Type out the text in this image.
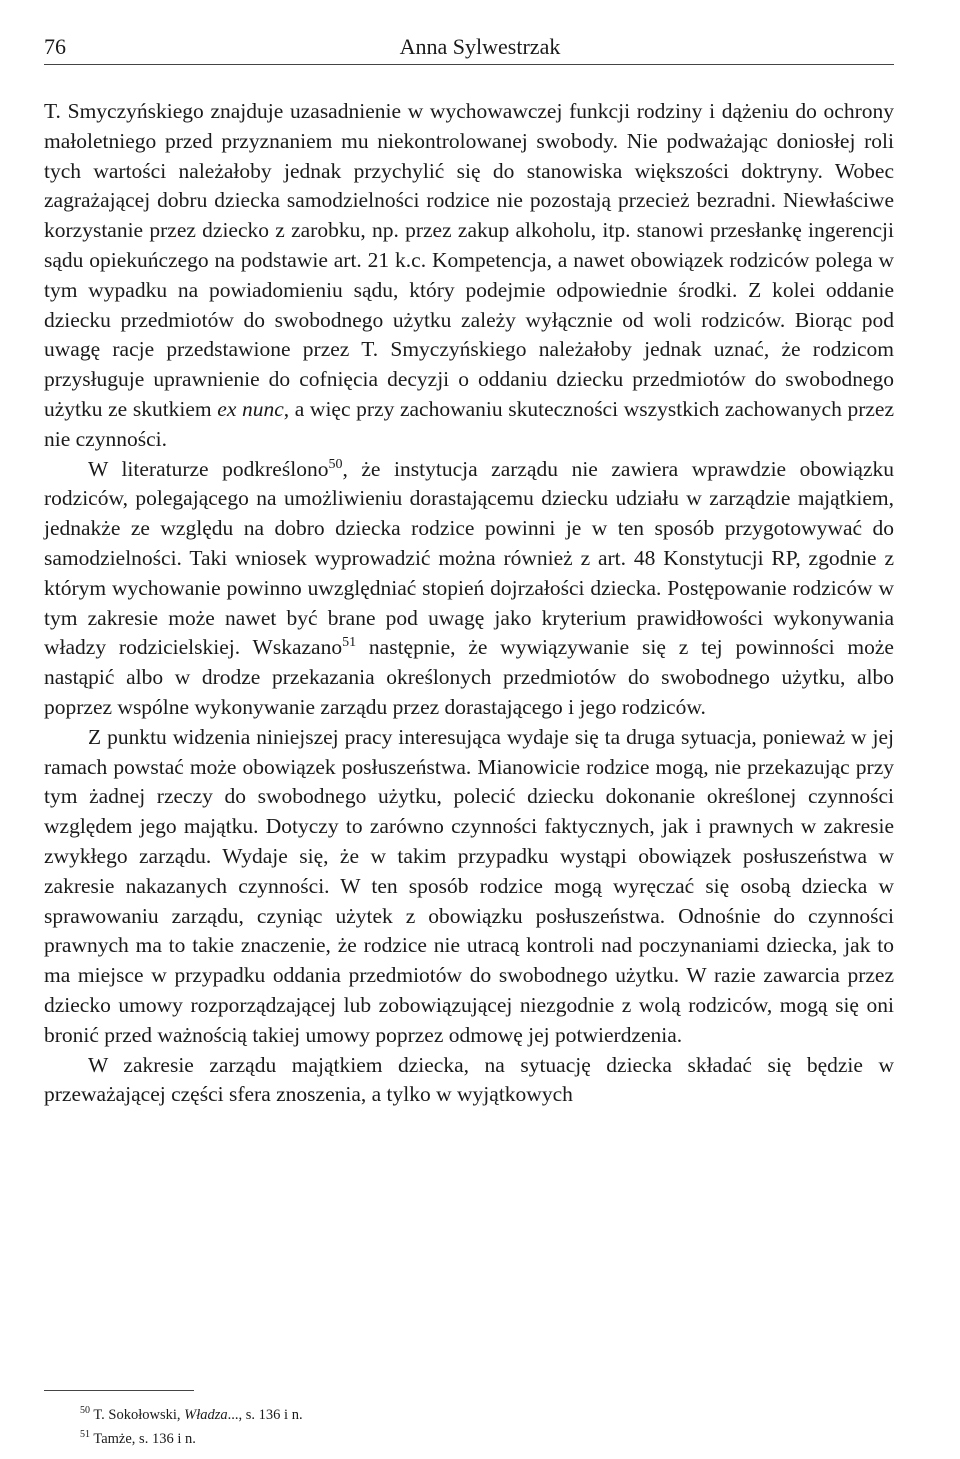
76	Anna Sylwestrzak

T. Smyczyńskiego znajduje uzasadnienie w wychowawczej funkcji rodziny i dążeniu do ochrony małoletniego przed przyznaniem mu niekontrolowanej swobody. Nie podważając doniosłej roli tych wartości należałoby jednak przychylić się do stanowiska większości doktryny. Wobec zagrażającej dobru dziecka samodzielności rodzice nie pozostają przecież bezradni. Niewłaściwe korzystanie przez dziecko z zarobku, np. przez zakup alkoholu, itp. stanowi przesłankę ingerencji sądu opiekuńczego na podstawie art. 21 k.c. Kompetencja, a nawet obowiązek rodziców polega w tym wypadku na powiadomieniu sądu, który podejmie odpowiednie środki. Z kolei oddanie dziecku przedmiotów do swobodnego użytku zależy wyłącznie od woli rodziców. Biorąc pod uwagę racje przedstawione przez T. Smyczyńskiego należałoby jednak uznać, że rodzicom przysługuje uprawnienie do cofnięcia decyzji o oddaniu dziecku przedmiotów do swobodnego użytku ze skutkiem ex nunc, a więc przy zachowaniu skuteczności wszystkich zachowanych przez nie czynności.

W literaturze podkreślono$^{50}$, że instytucja zarządu nie zawiera wprawdzie obowiązku rodziców, polegającego na umożliwieniu dorastającemu dziecku udziału w zarządzie majątkiem, jednakże ze względu na dobro dziecka rodzice powinni je w ten sposób przygotowywać do samodzielności. Taki wniosek wyprowadzić można również z art. 48 Konstytucji RP, zgodnie z którym wychowanie powinno uwzględniać stopień dojrzałości dziecka. Postępowanie rodziców w tym zakresie może nawet być brane pod uwagę jako kryterium prawidłowości wykonywania władzy rodzicielskiej. Wskazano$^{51}$ następnie, że wywiązywanie się z tej powinności może nastąpić albo w drodze przekazania określonych przedmiotów do swobodnego użytku, albo poprzez wspólne wykonywanie zarządu przez dorastającego i jego rodziców.

Z punktu widzenia niniejszej pracy interesująca wydaje się ta druga sytuacja, ponieważ w jej ramach powstać może obowiązek posłuszeństwa. Mianowicie rodzice mogą, nie przekazując przy tym żadnej rzeczy do swobodnego użytku, polecić dziecku dokonanie określonej czynności względem jego majątku. Dotyczy to zarówno czynności faktycznych, jak i prawnych w zakresie zwykłego zarządu. Wydaje się, że w takim przypadku wystąpi obowiązek posłuszeństwa w zakresie nakazanych czynności. W ten sposób rodzice mogą wyręczać się osobą dziecka w sprawowaniu zarządu, czyniąc użytek z obowiązku posłuszeństwa. Odnośnie do czynności prawnych ma to takie znaczenie, że rodzice nie utracą kontroli nad poczynaniami dziecka, jak to ma miejsce w przypadku oddania przedmiotów do swobodnego użytku. W razie zawarcia przez dziecko umowy rozporządzającej lub zobowiązującej niezgodnie z wolą rodziców, mogą się oni bronić przed ważnością takiej umowy poprzez odmowę jej potwierdzenia.

W zakresie zarządu majątkiem dziecka, na sytuację dziecka składać się będzie w przeważającej części sfera znoszenia, a tylko w wyjątkowych

$^{50}$ T. Sokołowski, Władza..., s. 136 i n.

$^{51}$ Tamże, s. 136 i n.
